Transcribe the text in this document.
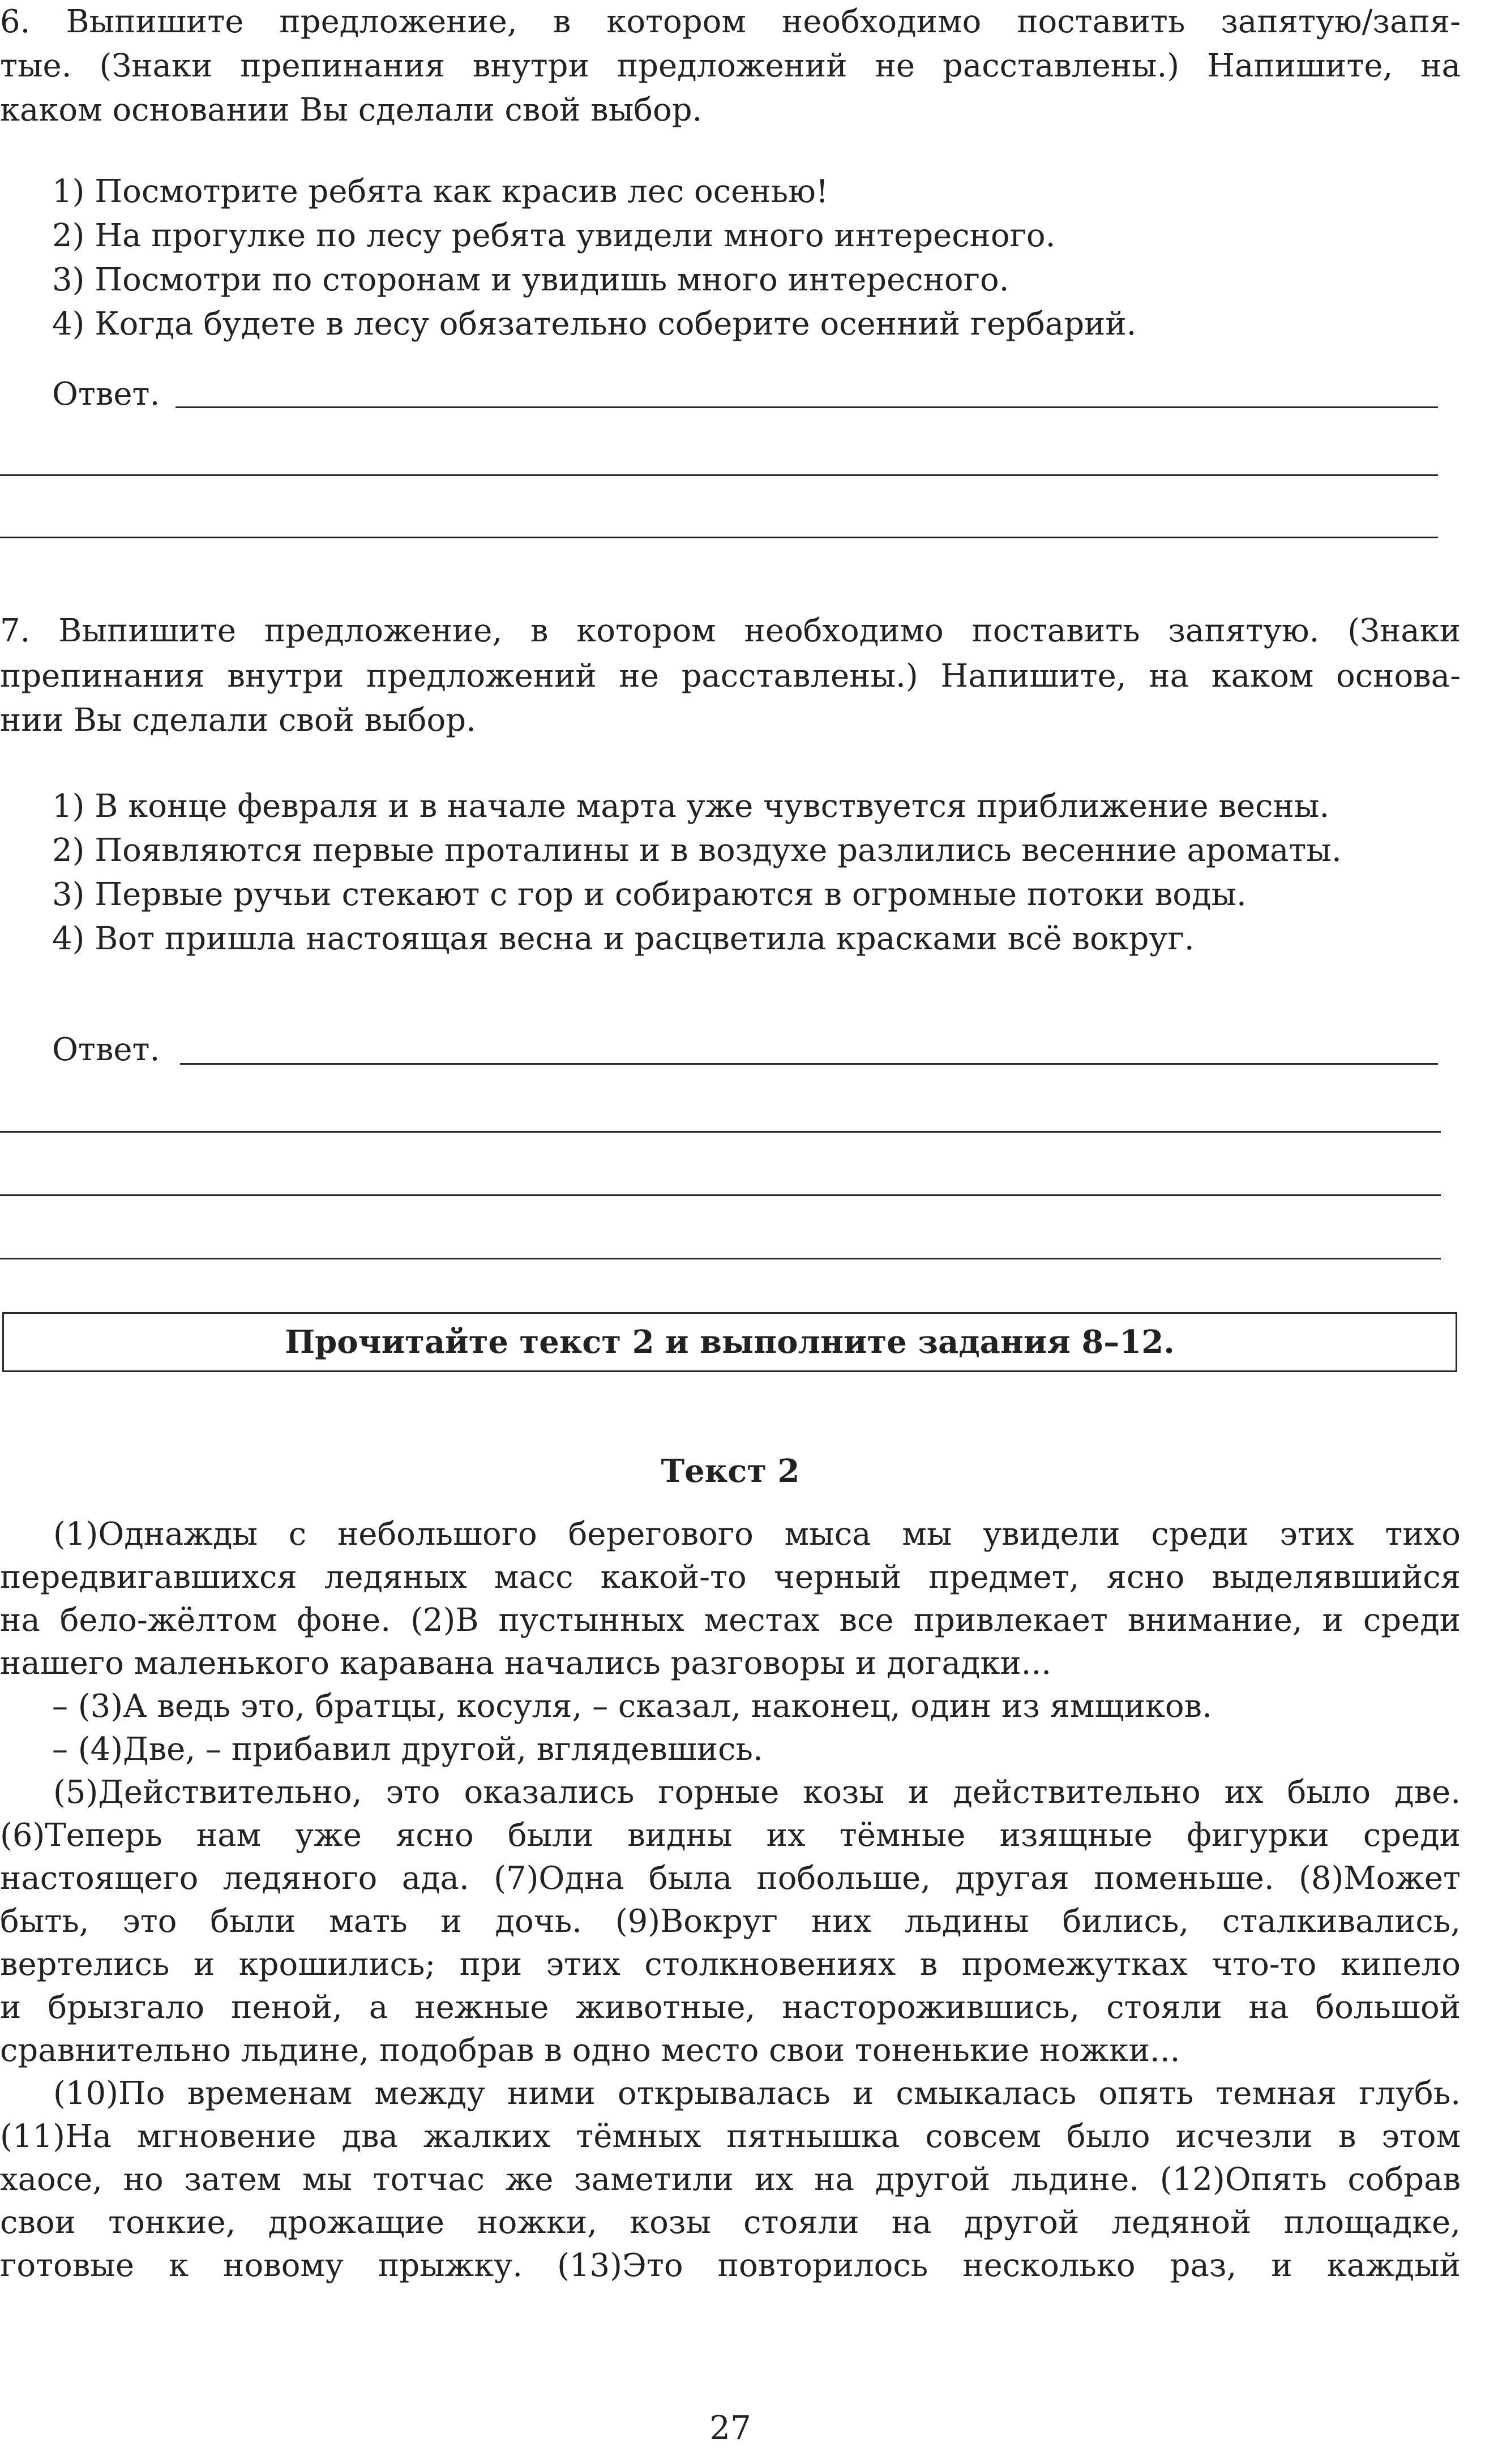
6. Выпишите предложение, в котором необходимо поставить запятую/запя-

тые. (Знаки препинания внутри предложений не расставлены.) Напишите, на

каком основании Вы сделали свой выбор.

1) Посмотрите ребята как красив лес осенью!

2) На прогулке по лесу ребята увидели много интересного.

3) Посмотри по сторонам и увидишь много интересного.

4) Когда будете в лесу обязательно соберите осенний гербарий.

Ответ.

7. Выпишите предложение, в котором необходимо поставить запятую. (Знаки

препинания внутри предложений не расставлены.) Напишите, на каком основа-

нии Вы сделали свой выбор.

1) В конце февраля и в начале марта уже чувствуется приближение весны.

2) Появляются первые проталины и в воздухе разлились весенние ароматы.

3) Первые ручьи стекают с гор и собираются в огромные потоки воды.

4) Вот пришла настоящая весна и расцветила красками всё вокруг.

Ответ.
Прочитайте текст 2 и выполните задания 8–12.
Текст 2

(1)Однажды с небольшого берегового мыса мы увидели среди этих тихо

передвигавшихся ледяных масс какой-то черный предмет, ясно выделявшийся

на бело-жёлтом фоне. (2)В пустынных местах все привлекает внимание, и среди

нашего маленького каравана начались разговоры и догадки...

– (3)А ведь это, братцы, косуля, – сказал, наконец, один из ямщиков.

– (4)Две, – прибавил другой, вглядевшись.

(5)Действительно, это оказались горные козы и действительно их было две.

(6)Теперь нам уже ясно были видны их тёмные изящные фигурки среди

настоящего ледяного ада. (7)Одна была побольше, другая поменьше. (8)Может

быть, это были мать и дочь. (9)Вокруг них льдины бились, сталкивались,

вертелись и крошились; при этих столкновениях в промежутках что-то кипело

и брызгало пеной, а нежные животные, насторожившись, стояли на большой

сравнительно льдине, подобрав в одно место свои тоненькие ножки...

(10)По временам между ними открывалась и смыкалась опять темная глубь.

(11)На мгновение два жалких тёмных пятнышка совсем было исчезли в этом

хаосе, но затем мы тотчас же заметили их на другой льдине. (12)Опять собрав

свои тонкие, дрожащие ножки, козы стояли на другой ледяной площадке,

готовые к новому прыжку. (13)Это повторилось несколько раз, и каждый

27
